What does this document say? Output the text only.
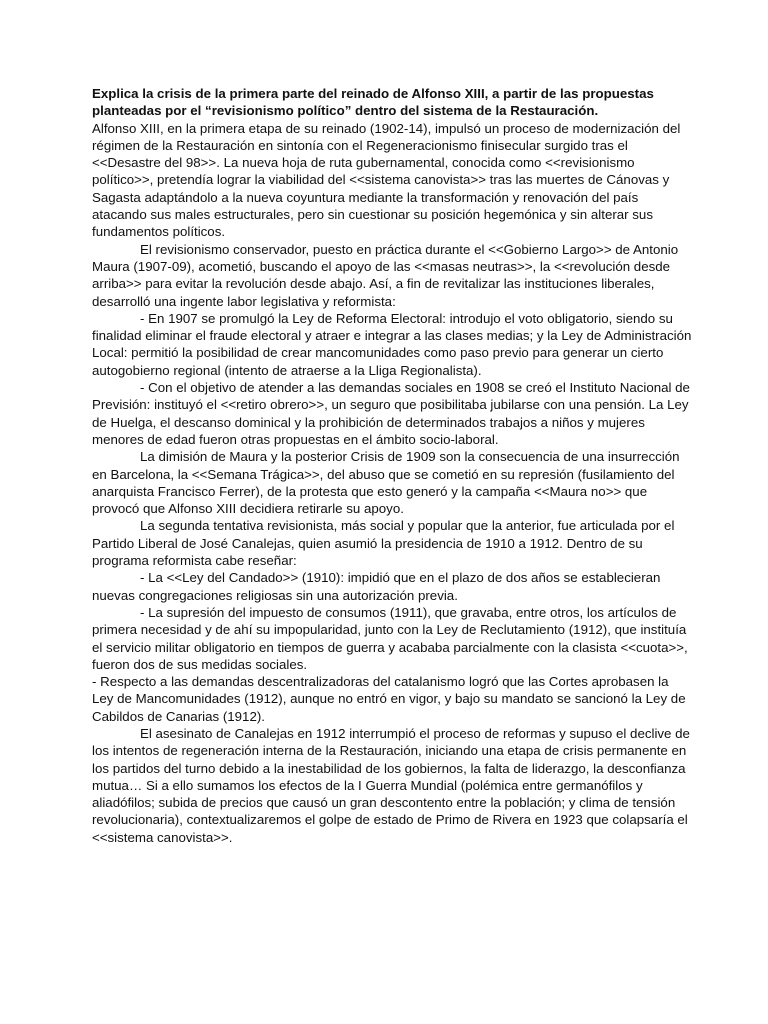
Explica la crisis de la primera parte del reinado de Alfonso XIII, a partir de las propuestas planteadas por el “revisionismo político” dentro del sistema de la Restauración.

Alfonso XIII, en la primera etapa de su reinado (1902-14), impulsó un proceso de modernización del régimen de la Restauración en sintonía con el Regeneracionismo finisecular surgido tras el <<Desastre del 98>>. La nueva hoja de ruta gubernamental, conocida como <<revisionismo político>>, pretendía lograr la viabilidad del <<sistema canovista>> tras las muertes de Cánovas y Sagasta adaptándolo a la nueva coyuntura mediante la transformación y renovación del país atacando sus males estructurales, pero sin cuestionar su posición hegemónica y sin alterar sus fundamentos políticos.

El revisionismo conservador, puesto en práctica durante el <<Gobierno Largo>> de Antonio Maura (1907-09), acometió, buscando el apoyo de las <<masas neutras>>, la <<revolución desde arriba>> para evitar la revolución desde abajo. Así, a fin de revitalizar las instituciones liberales, desarrolló una ingente labor legislativa y reformista:

- En 1907 se promulgó la Ley de Reforma Electoral: introdujo el voto obligatorio, siendo su finalidad eliminar el fraude electoral y atraer e integrar a las clases medias; y la Ley de Administración Local: permitió la posibilidad de crear mancomunidades como paso previo para generar un cierto autogobierno regional (intento de atraerse a la Lliga Regionalista).

- Con el objetivo de atender a las demandas sociales en 1908 se creó el Instituto Nacional de Previsión: instituyó el <<retiro obrero>>, un seguro que posibilitaba jubilarse con una pensión. La Ley de Huelga, el descanso dominical y la prohibición de determinados trabajos a niños y mujeres menores de edad fueron otras propuestas en el ámbito socio-laboral.

La dimisión de Maura y la posterior Crisis de 1909 son la consecuencia de una insurrección en Barcelona, la <<Semana Trágica>>, del abuso que se cometió en su represión (fusilamiento del anarquista Francisco Ferrer), de la protesta que esto generó y la campaña <<Maura no>> que provocó que Alfonso XIII decidiera retirarle su apoyo.

La segunda tentativa revisionista, más social y popular que la anterior, fue articulada por el Partido Liberal de José Canalejas, quien asumió la presidencia de 1910 a 1912. Dentro de su programa reformista cabe reseñar:

- La <<Ley del Candado>> (1910): impidió que en el plazo de dos años se establecieran nuevas congregaciones religiosas sin una autorización previa.

- La supresión del impuesto de consumos (1911), que gravaba, entre otros, los artículos de primera necesidad y de ahí su impopularidad, junto con la Ley de Reclutamiento (1912), que instituía el servicio militar obligatorio en tiempos de guerra y acababa parcialmente con la clasista <<cuota>>, fueron dos de sus medidas sociales.

- Respecto a las demandas descentralizadoras del catalanismo logró que las Cortes aprobasen la Ley de Mancomunidades (1912), aunque no entró en vigor, y bajo su mandato se sancionó la Ley de Cabildos de Canarias (1912).

El asesinato de Canalejas en 1912 interrumpió el proceso de reformas y supuso el declive de los intentos de regeneración interna de la Restauración, iniciando una etapa de crisis permanente en los partidos del turno debido a la inestabilidad de los gobiernos, la falta de liderazgo, la desconfianza mutua… Si a ello sumamos los efectos de la I Guerra Mundial (polémica entre germanófilos y aliadófilos; subida de precios que causó un gran descontento entre la población; y clima de tensión revolucionaria), contextualizaremos el golpe de estado de Primo de Rivera en 1923 que colapsaría el <<sistema canovista>>.
